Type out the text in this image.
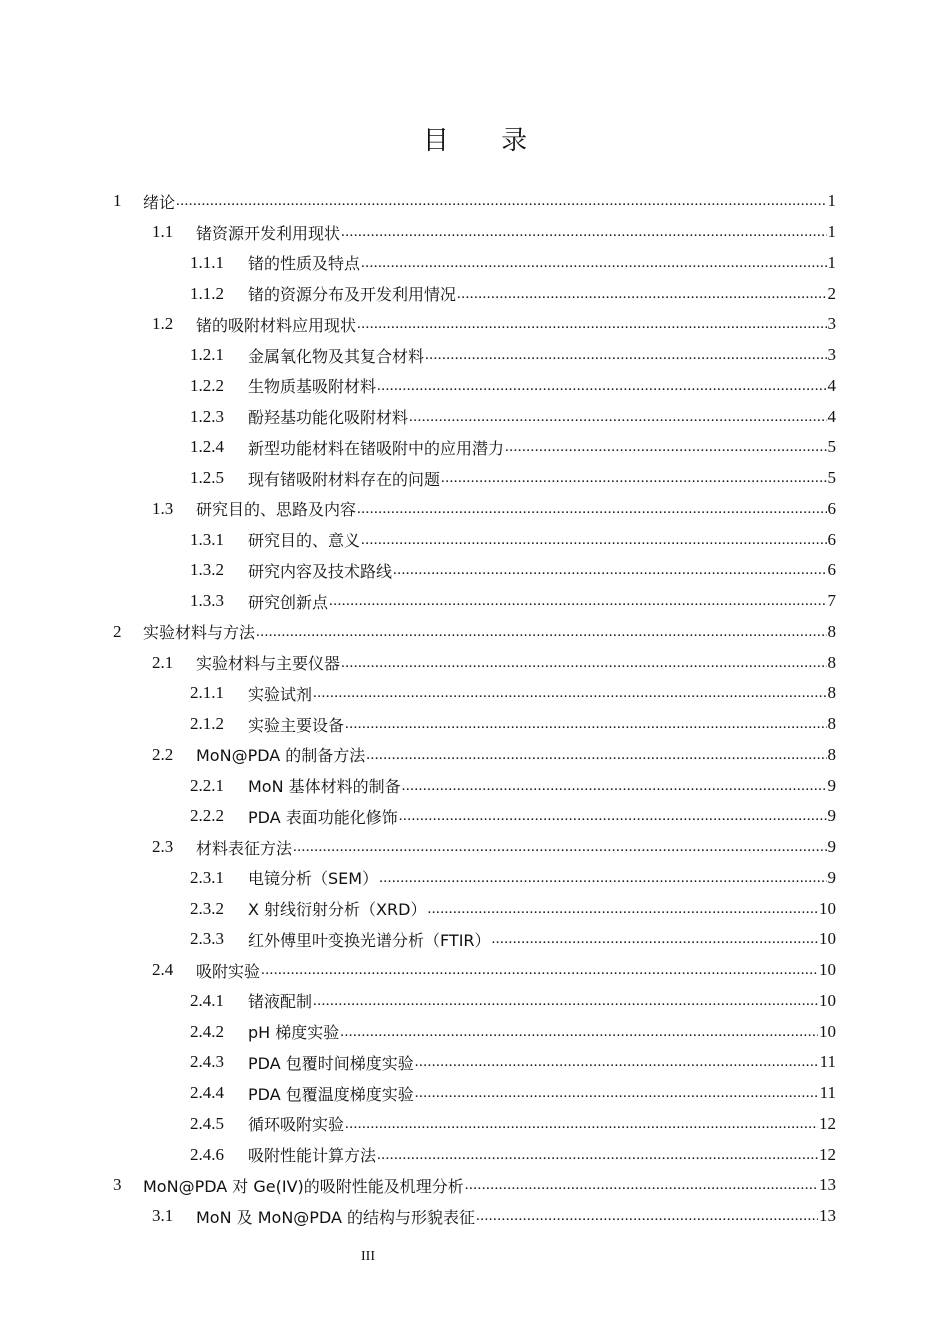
目 录
1	绪论 .....	1
1.1	锗资源开发利用现状 .....	1
1.1.1	锗的性质及特点 .....	1
1.1.2	锗的资源分布及开发利用情况 .....	2
1.2	锗的吸附材料应用现状 .....	3
1.2.1	金属氧化物及其复合材料 .....	3
1.2.2	生物质基吸附材料 .....	4
1.2.3	酚羟基功能化吸附材料 .....	4
1.2.4	新型功能材料在锗吸附中的应用潜力 .....	5
1.2.5	现有锗吸附材料存在的问题 .....	5
1.3	研究目的、思路及内容 .....	6
1.3.1	研究目的、意义 .....	6
1.3.2	研究内容及技术路线 .....	6
1.3.3	研究创新点 .....	7
2	实验材料与方法 .....	8
2.1	实验材料与主要仪器 .....	8
2.1.1	实验试剂 .....	8
2.1.2	实验主要设备 .....	8
2.2	MoN@PDA 的制备方法 .....	8
2.2.1	MoN 基体材料的制备 .....	9
2.2.2	PDA 表面功能化修饰 .....	9
2.3	材料表征方法 .....	9
2.3.1	电镜分析（SEM） .....	9
2.3.2	X 射线衍射分析（XRD） .....	10
2.3.3	红外傅里叶变换光谱分析（FTIR） .....	10
2.4	吸附实验 .....	10
2.4.1	锗液配制 .....	10
2.4.2	pH 梯度实验 .....	10
2.4.3	PDA 包覆时间梯度实验 .....	11
2.4.4	PDA 包覆温度梯度实验 .....	11
2.4.5	循环吸附实验 .....	12
2.4.6	吸附性能计算方法 .....	12
3	MoN@PDA 对 Ge(IV)的吸附性能及机理分析 .....	13
3.1	MoN 及 MoN@PDA 的结构与形貌表征 .....	13
III
